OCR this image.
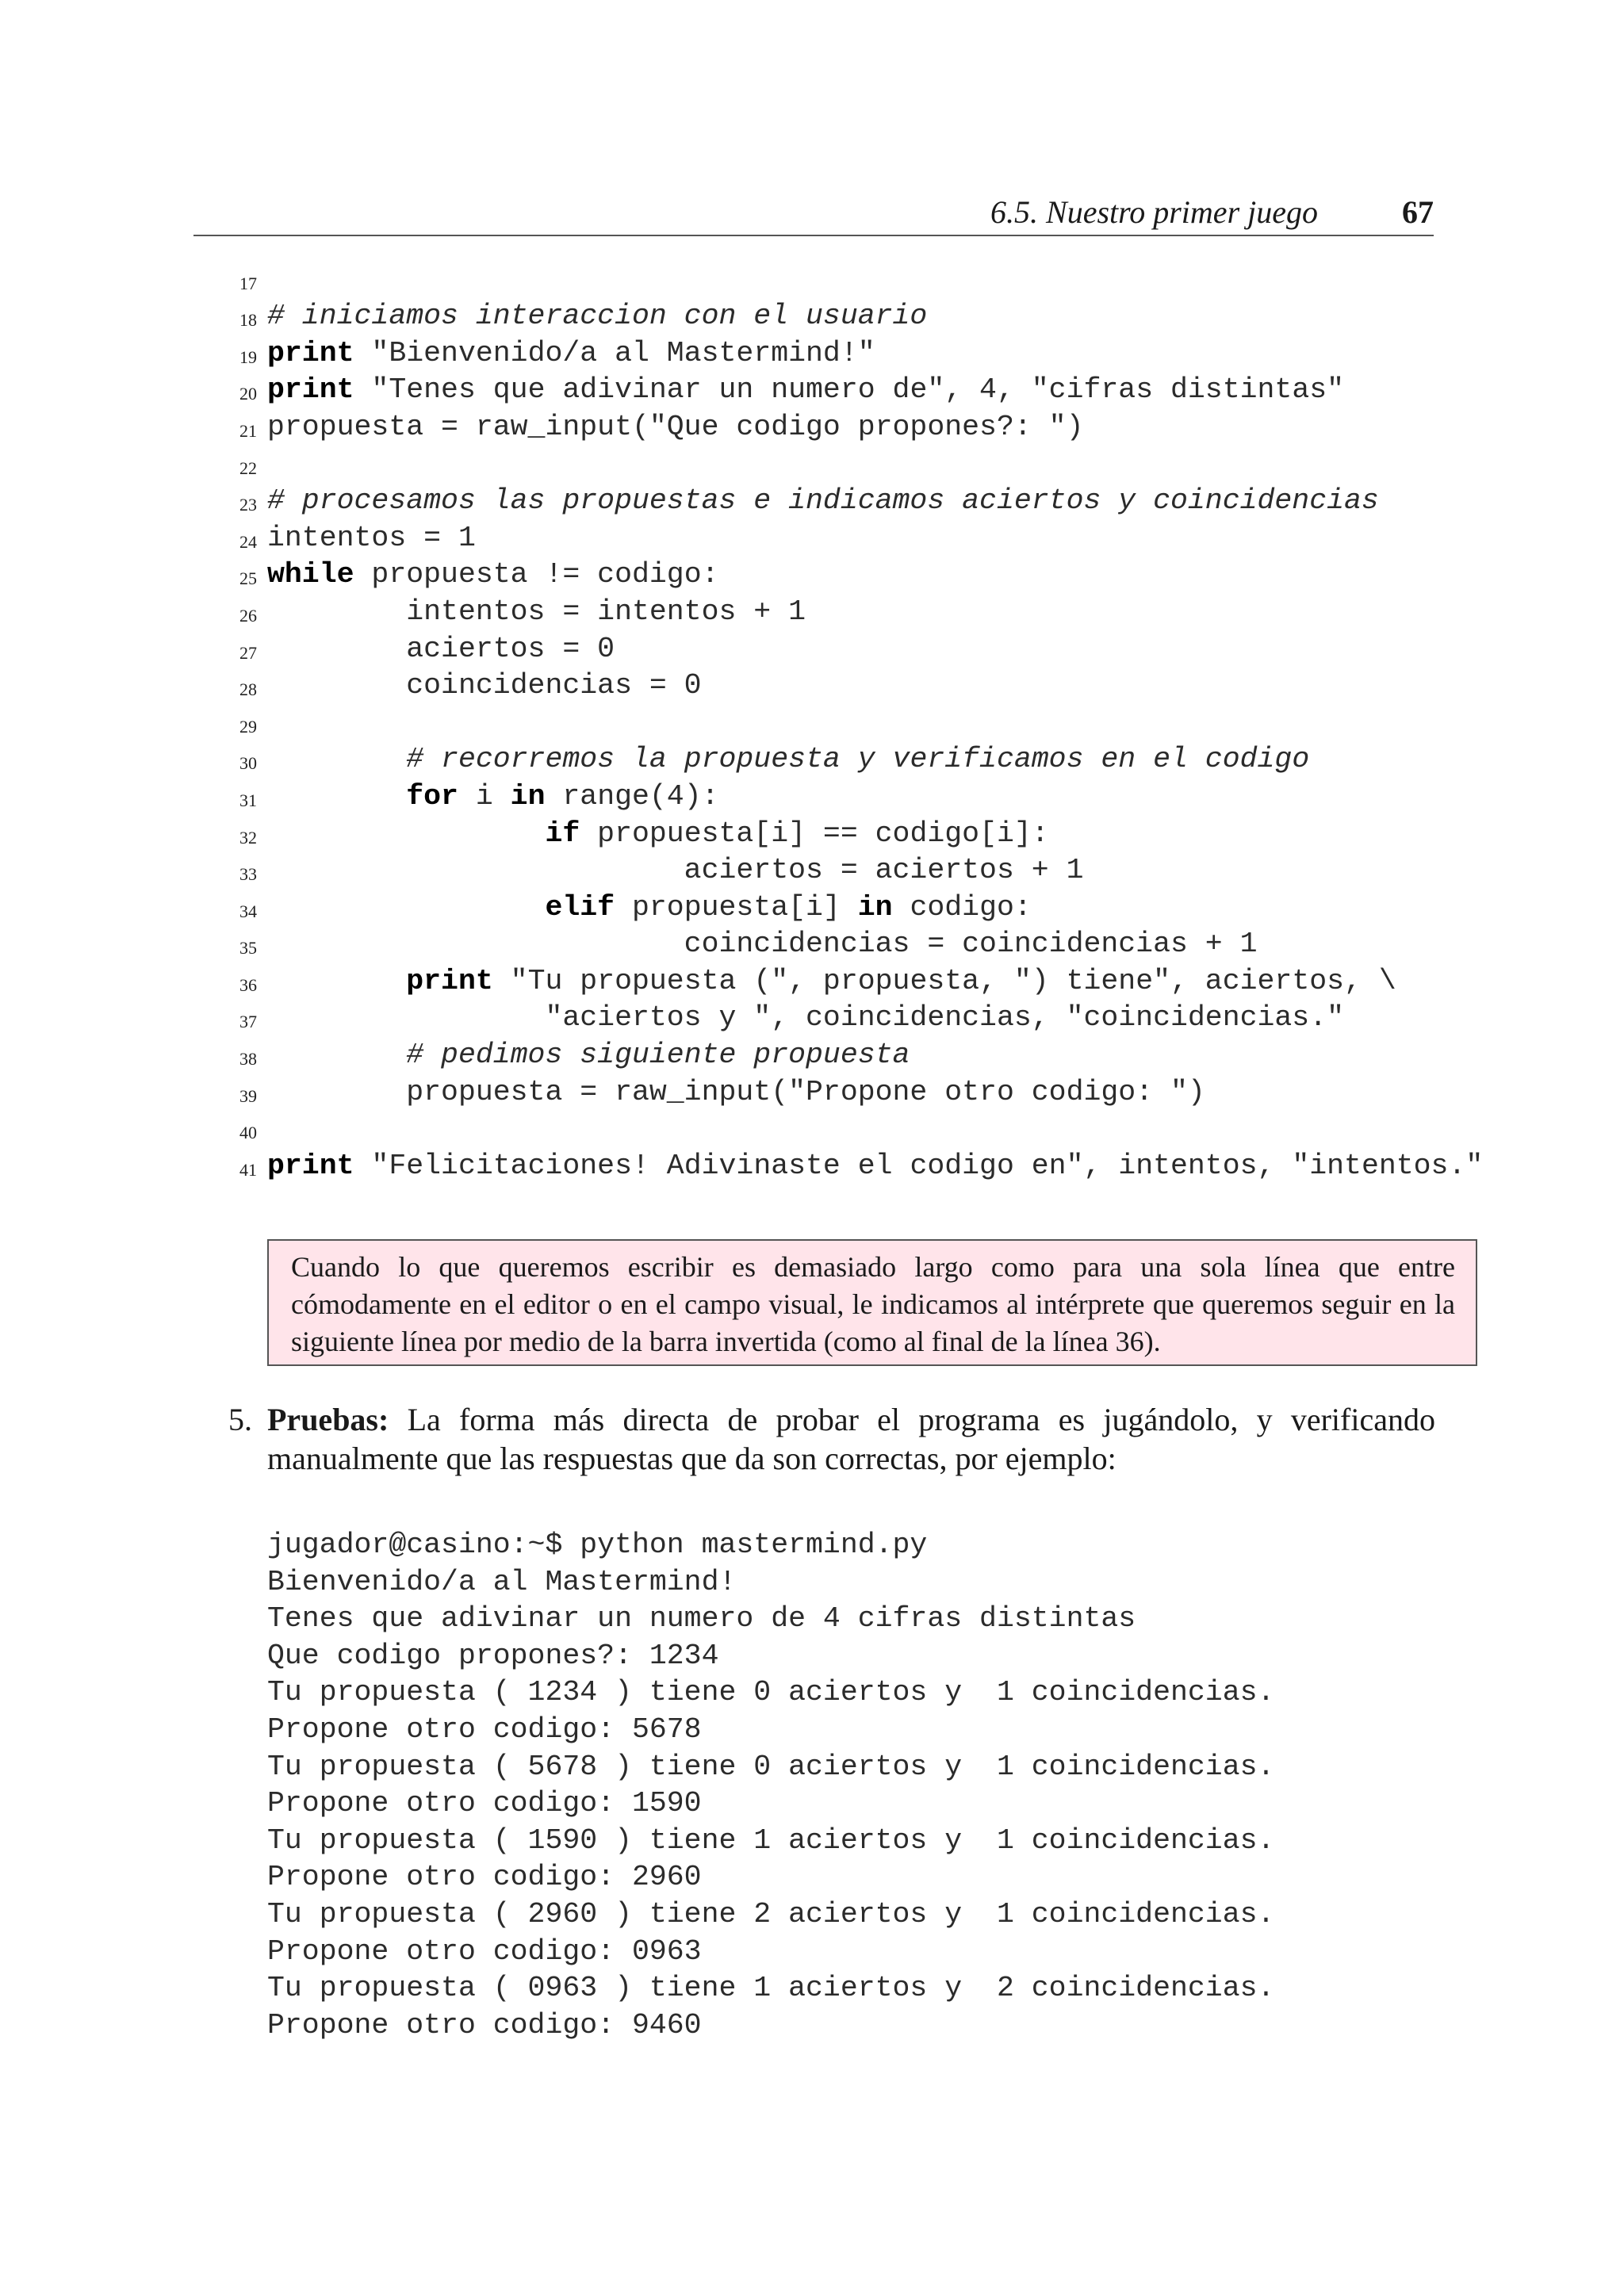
6.5. Nuestro primer juego	67
17
18 # iniciamos interaccion con el usuario
19 print "Bienvenido/a al Mastermind!"
20 print "Tenes que adivinar un numero de", 4, "cifras distintas"
21 propuesta = raw_input("Que codigo propones?: ")
22
23 # procesamos las propuestas e indicamos aciertos y coincidencias
24 intentos = 1
25 while propuesta != codigo:
26 intentos = intentos + 1
27 aciertos = 0
28 coincidencias = 0
29
30	# recorremos la propuesta y verificamos en el codigo
31	for i in range(4):
32	if propuesta[i] == codigo[i]:
33 aciertos = aciertos + 1
34	elif propuesta[i] in codigo:
35 coincidencias = coincidencias + 1
36	print "Tu propuesta (", propuesta, ") tiene", aciertos, \
37 "aciertos y ", coincidencias, "coincidencias."
38	# pedimos siguiente propuesta
39 propuesta = raw_input("Propone otro codigo: ")
40
41 print "Felicitaciones! Adivinaste el codigo en", intentos, "intentos."
Cuando lo que queremos escribir es demasiado largo como para una sola línea que entre cómodamente en el editor o en el campo visual, le indicamos al intérprete que queremos seguir en la siguiente línea por medio de la barra invertida (como al final de la línea 36).
5. Pruebas: La forma más directa de probar el programa es jugándolo, y verificando manualmente que las respuestas que da son correctas, por ejemplo:
jugador@casino:~$ python mastermind.py
Bienvenido/a al Mastermind!
Tenes que adivinar un numero de 4 cifras distintas
Que codigo propones?: 1234
Tu propuesta ( 1234 ) tiene 0 aciertos y  1 coincidencias.
Propone otro codigo: 5678
Tu propuesta ( 5678 ) tiene 0 aciertos y  1 coincidencias.
Propone otro codigo: 1590
Tu propuesta ( 1590 ) tiene 1 aciertos y  1 coincidencias.
Propone otro codigo: 2960
Tu propuesta ( 2960 ) tiene 2 aciertos y  1 coincidencias.
Propone otro codigo: 0963
Tu propuesta ( 0963 ) tiene 1 aciertos y  2 coincidencias.
Propone otro codigo: 9460
